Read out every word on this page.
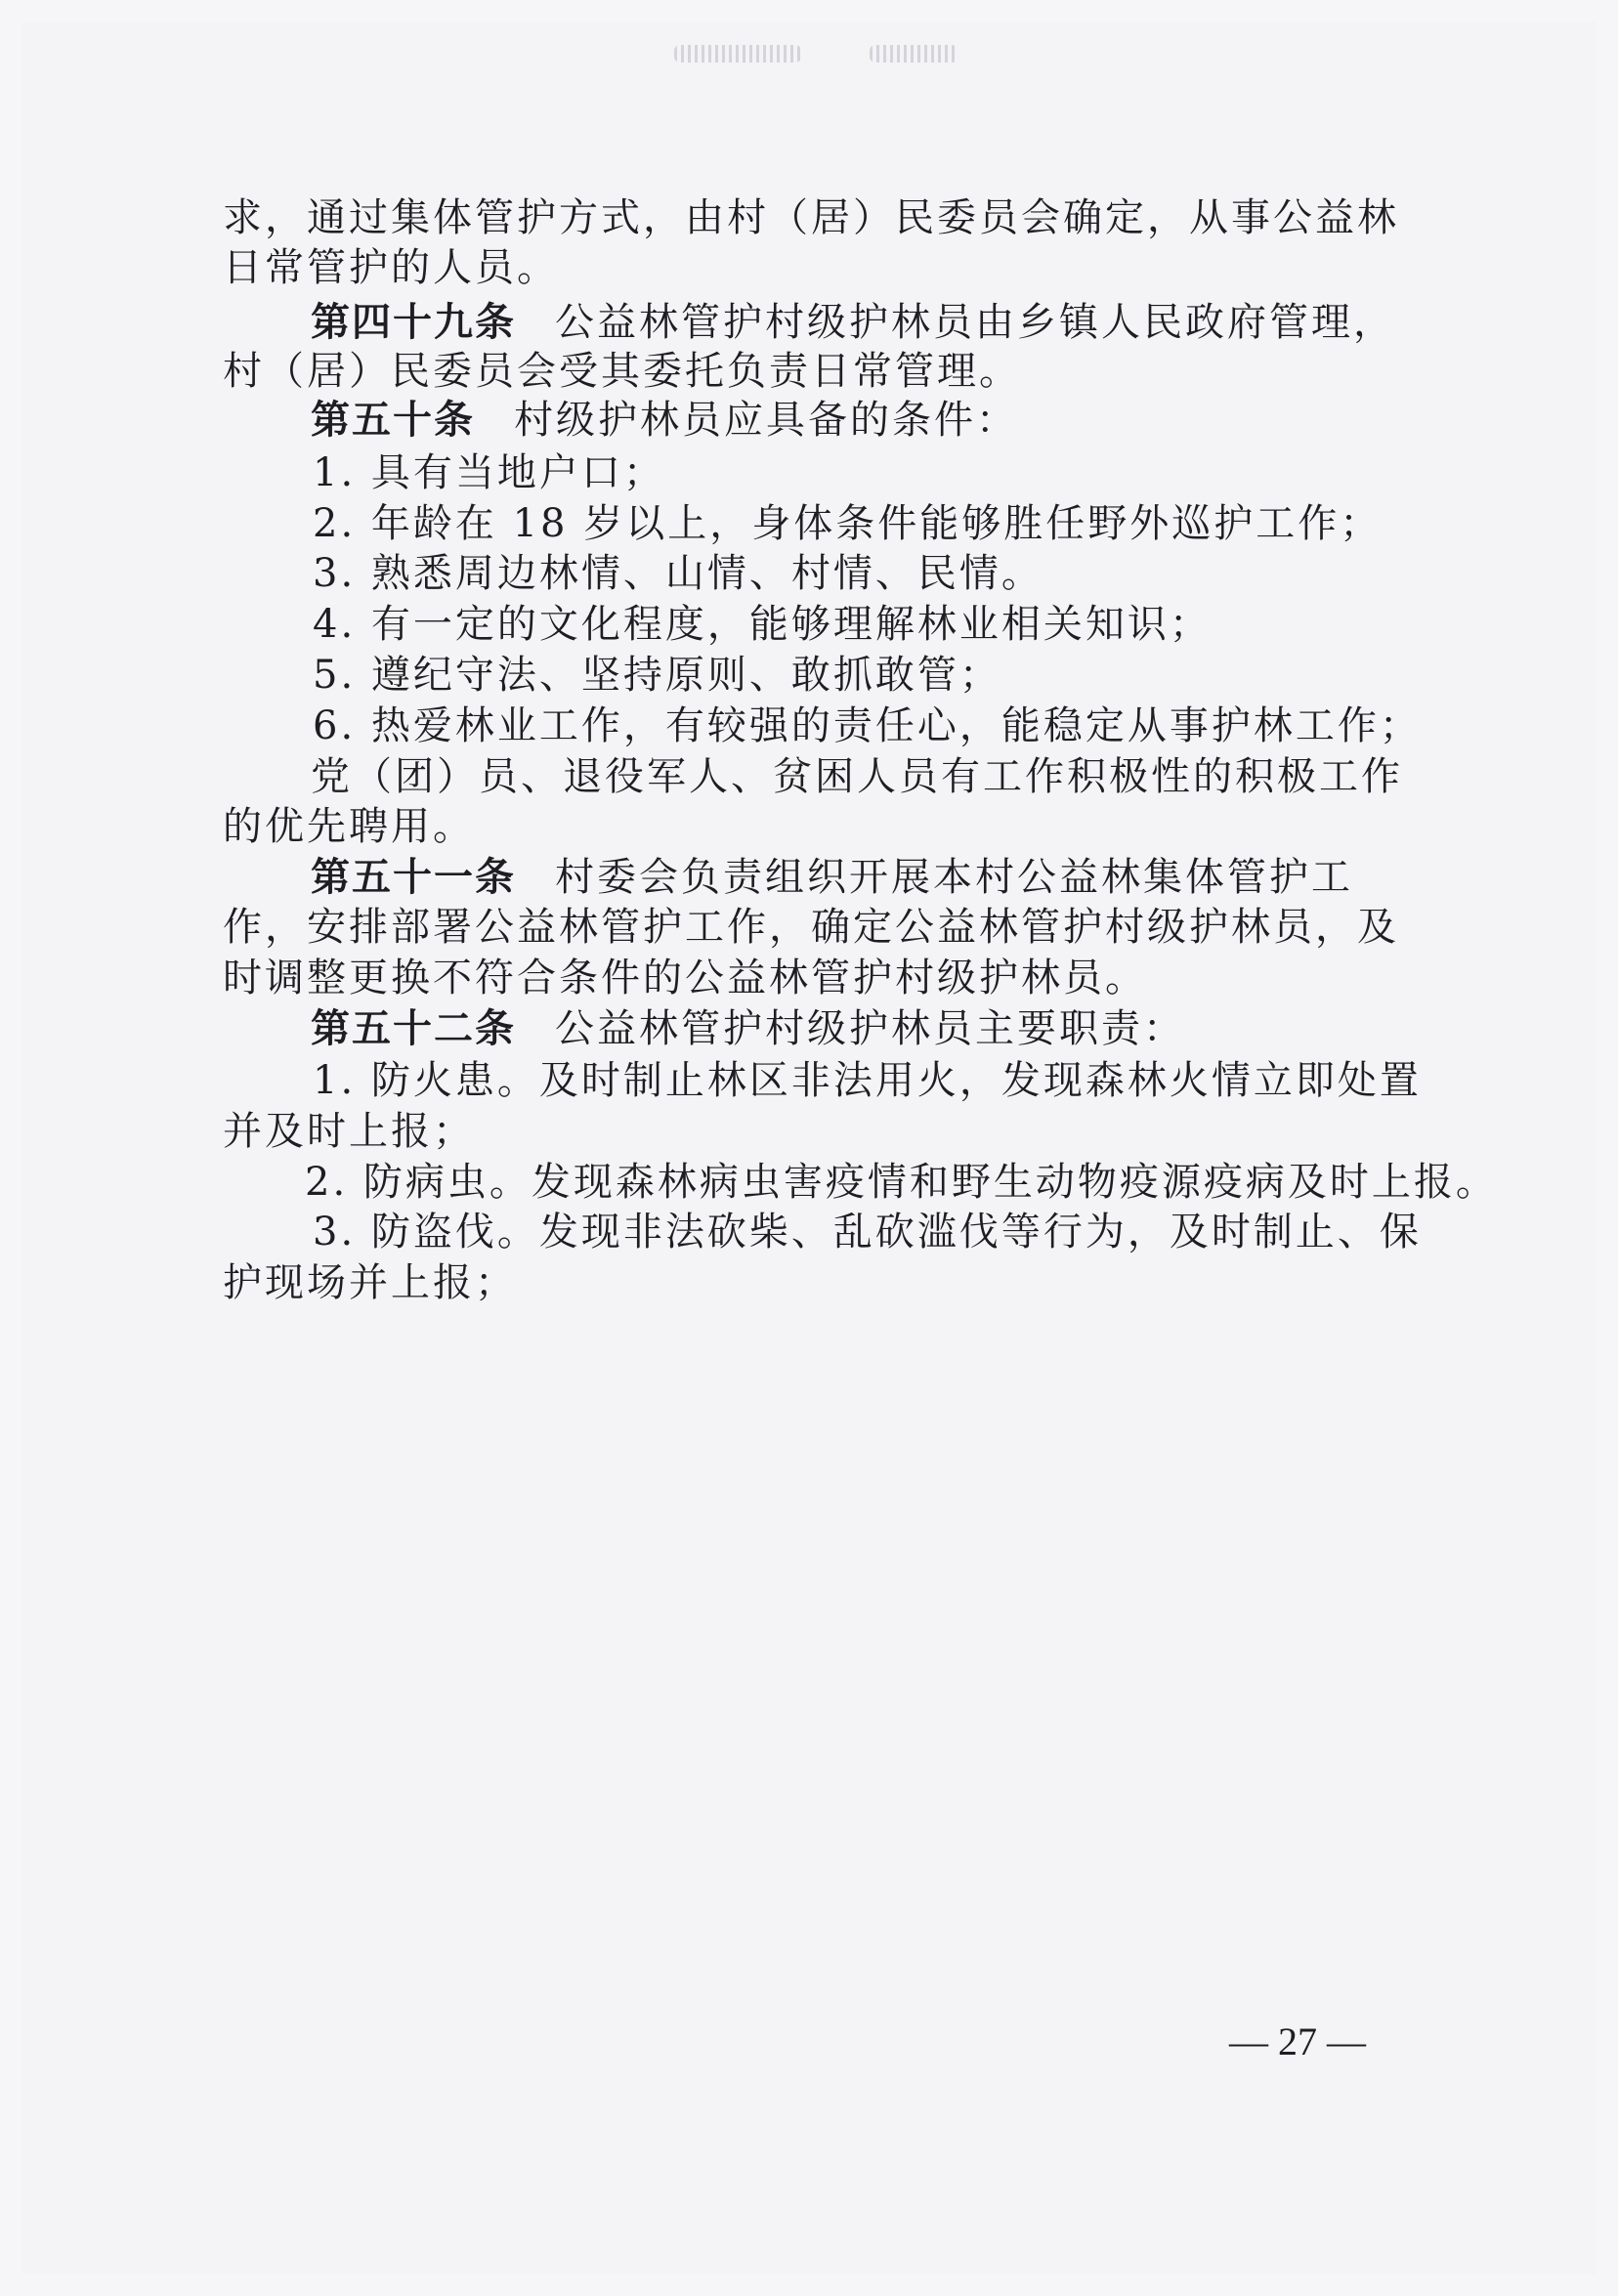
求，通过集体管护方式，由村（居）民委员会确定，从事公益林

日常管护的人员。

第四十九条 公益林管护村级护林员由乡镇人民政府管理，

村（居）民委员会受其委托负责日常管理。

第五十条 村级护林员应具备的条件：

1. 具有当地户口；

2. 年龄在 18 岁以上，身体条件能够胜任野外巡护工作；

3. 熟悉周边林情、山情、村情、民情。

4. 有一定的文化程度，能够理解林业相关知识；

5. 遵纪守法、坚持原则、敢抓敢管；

6. 热爱林业工作，有较强的责任心，能稳定从事护林工作；

党（团）员、退役军人、贫困人员有工作积极性的积极工作

的优先聘用。

第五十一条 村委会负责组织开展本村公益林集体管护工

作，安排部署公益林管护工作，确定公益林管护村级护林员，及

时调整更换不符合条件的公益林管护村级护林员。

第五十二条 公益林管护村级护林员主要职责：

1. 防火患。及时制止林区非法用火，发现森林火情立即处置

并及时上报；

2. 防病虫。发现森林病虫害疫情和野生动物疫源疫病及时上报。

3. 防盗伐。发现非法砍柴、乱砍滥伐等行为，及时制止、保

护现场并上报；

— 27 —
